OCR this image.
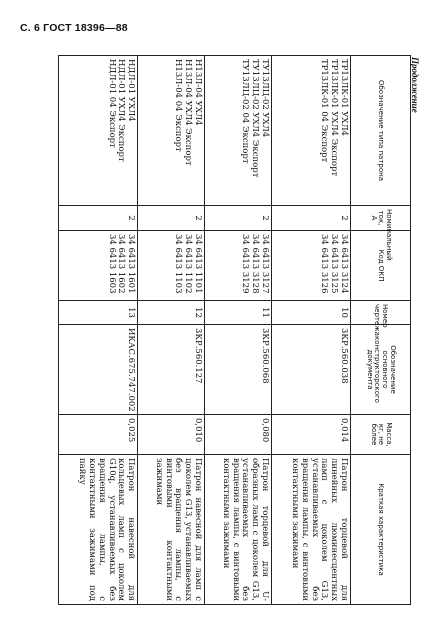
С. 6 ГОСТ 18396—88
Продолжение
Обозначение типа патрона	Номинальный ток, А	Код ОКП	Номер чертежа	Обозначение основного конструкторского документа	Масса, кг, не более	Краткая характеристика

ТР13ЛК-01 УХЛ4
ТР13ЛК-01 УХЛ4 Экспорт
ТР13ЛК-01 04 Экспорт	2	34 6413 3124
34 6413 3125
34 6413 3126	10	3КР.560.038	0,014	Патрон торцевой для линейных люминесцентных ламп с цоколем G13, устанавливаемых без вращения лампы, с винтовыми контактными зажимами

ТУ13ЛЦ-02 УХЛ4
ТУ13ЛЦ-02 УХЛ4 Экспорт
ТУ13ЛЦ-02 04 Экспорт	2	34 6413 3127
34 6413 3128
34 6413 3129	11	3КР.560.068	0,080	Патрон торцевой для U-образных ламп с цоколем G13, устанавливаемых без вращения лампы, с винтовыми контактными зажимами

Н13Л-04 УХЛ4
Н13Л-04 УХЛ4 Экспорт
Н13Л-04 04 Экспорт	2	34 6413 1101
34 6413 1102
34 6413 1103	12	3КР.560.127	0,010	Патрон навесной для ламп с цоколем G13, устанавливаемых без вращения лампы, с винтовыми контактными зажимами

НДЛ-01 УХЛ4
НДЛ-01 УХЛ4 Экспорт
НДЛ-01 04 Экспорт	2	34 6413 1601
34 6413 1602
34 6413 1603	13	ИКАС.675.747.002	0,025	Патрон навесной для кольцевых ламп с цоколем G10q, устанавливаемых без вращения лампы, с контактными зажимами под пайку
